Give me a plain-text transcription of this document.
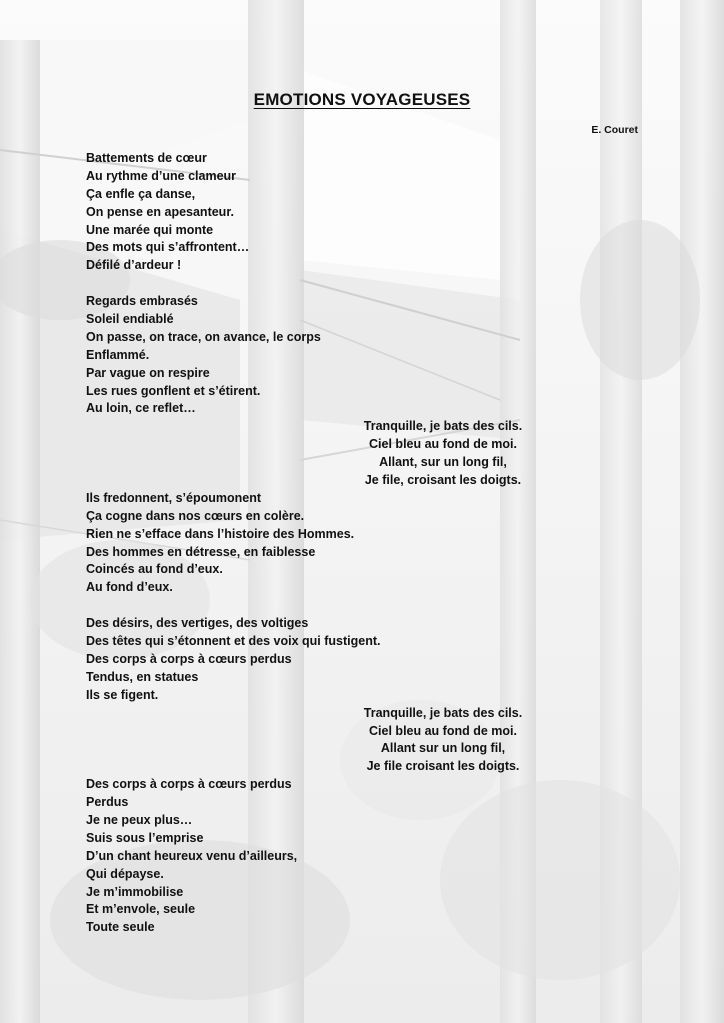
EMOTIONS VOYAGEUSES
E. Couret
Battements de cœur
Au rythme d’une clameur
Ça enfle ça danse,
On pense en apesanteur.
Une marée qui monte
Des mots qui s’affrontent…
Défilé d’ardeur !
Regards embrasés
Soleil endiablé
On passe, on trace, on avance, le corps
Enflammé.
Par vague on respire
Les rues gonflent et s’étirent.
Au loin, ce reflet…
Tranquille, je bats des cils.
Ciel bleu au fond de moi.
Allant, sur un long fil,
Je file, croisant les doigts.
Ils fredonnent, s’époumonent
Ça cogne dans nos cœurs en colère.
Rien ne s’efface dans l’histoire des Hommes.
Des hommes en détresse, en faiblesse
Coincés au fond d’eux.
Au fond d’eux.
Des désirs, des vertiges, des voltiges
Des têtes qui s’étonnent et des voix qui fustigent.
Des corps à corps à cœurs perdus
Tendus, en statues
Ils se figent.
Tranquille, je bats des cils.
Ciel bleu au fond de moi.
Allant sur un long fil,
Je file croisant les doigts.
Des corps à corps à cœurs perdus
Perdus
Je ne peux plus…
Suis sous l’emprise
D’un chant heureux venu d’ailleurs,
Qui dépayse.
Je m’immobilise
Et m’envole, seule
Toute seule
